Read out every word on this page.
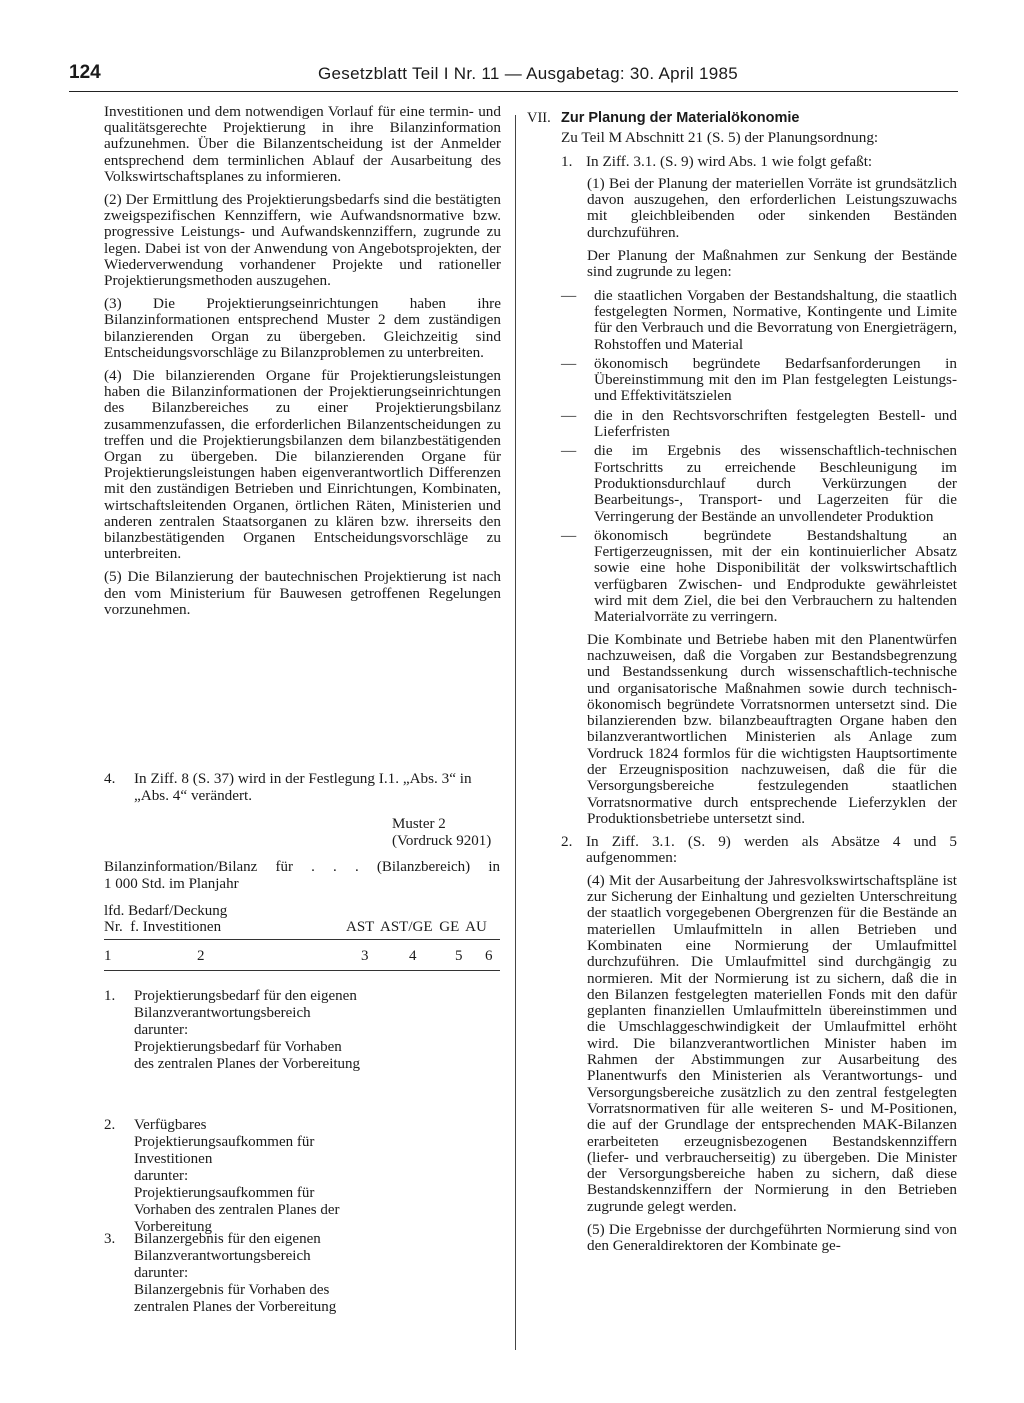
124	Gesetzblatt Teil I Nr. 11 — Ausgabetag: 30. April 1985
Investitionen und dem notwendigen Vorlauf für eine termin- und qualitätsgerechte Projektierung in ihre Bilanzinformation aufzunehmen. Über die Bilanzentscheidung ist der Anmelder entsprechend dem terminlichen Ablauf der Ausarbeitung des Volkswirtschaftsplanes zu informieren.
(2) Der Ermittlung des Projektierungsbedarfs sind die bestätigten zweigspezifischen Kennziffern, wie Aufwandsnormative bzw. progressive Leistungs- und Aufwandskennziffern, zugrunde zu legen. Dabei ist von der Anwendung von Angebotsprojekten, der Wiederverwendung vorhandener Projekte und rationeller Projektierungsmethoden auszugehen.
(3) Die Projektierungseinrichtungen haben ihre Bilanzinformationen entsprechend Muster 2 dem zuständigen bilanzierenden Organ zu übergeben. Gleichzeitig sind Entscheidungsvorschläge zu Bilanzproblemen zu unterbreiten.
(4) Die bilanzierenden Organe für Projektierungsleistungen haben die Bilanzinformationen der Projektierungseinrichtungen des Bilanzbereiches zu einer Projektierungsbilanz zusammenzufassen, die erforderlichen Bilanzentscheidungen zu treffen und die Projektierungsbilanzen dem bilanzbestätigenden Organ zu übergeben. Die bilanzierenden Organe für Projektierungsleistungen haben eigenverantwortlich Differenzen mit den zuständigen Betrieben und Einrichtungen, Kombinaten, wirtschaftsleitenden Organen, örtlichen Räten, Ministerien und anderen zentralen Staatsorganen zu klären bzw. ihrerseits den bilanzbestätigenden Organen Entscheidungsvorschläge zu unterbreiten.
(5) Die Bilanzierung der bautechnischen Projektierung ist nach den vom Ministerium für Bauwesen getroffenen Regelungen vorzunehmen.
4. In Ziff. 8 (S. 37) wird in der Festlegung I.1. „Abs. 3“ in „Abs. 4“ verändert.
Muster 2
(Vordruck 9201)
Bilanzinformation/Bilanz für . . . (Bilanzbereich) in
1 000 Std. im Planjahr
lfd. Bedarf/Deckung
Nr. f. Investitionen	AST AST/GE GE AU
1	2	3	4	5 6
1. Projektierungsbedarf für den eigenen Bilanzverantwortungsbereich
darunter:
Projektierungsbedarf für Vorhaben des zentralen Planes der Vorbereitung
2. Verfügbares Projektierungsaufkommen für Investitionen
darunter:
Projektierungsaufkommen für Vorhaben des zentralen Planes der Vorbereitung
3. Bilanzergebnis für den eigenen Bilanzverantwortungsbereich
darunter:
Bilanzergebnis für Vorhaben des zentralen Planes der Vorbereitung
VII. Zur Planung der Materialökonomie
Zu Teil M Abschnitt 21 (S. 5) der Planungsordnung:
1. In Ziff. 3.1. (S. 9) wird Abs. 1 wie folgt gefaßt:
(1) Bei der Planung der materiellen Vorräte ist grundsätzlich davon auszugehen, den erforderlichen Leistungszuwachs mit gleichbleibenden oder sinkenden Beständen durchzuführen.
Der Planung der Maßnahmen zur Senkung der Bestände sind zugrunde zu legen:
— die staatlichen Vorgaben der Bestandshaltung, die staatlich festgelegten Normen, Normative, Kontingente und Limite für den Verbrauch und die Bevorratung von Energieträgern, Rohstoffen und Material
— ökonomisch begründete Bedarfsanforderungen in Übereinstimmung mit den im Plan festgelegten Leistungs- und Effektivitätszielen
— die in den Rechtsvorschriften festgelegten Bestell- und Lieferfristen
— die im Ergebnis des wissenschaftlich-technischen Fortschritts zu erreichende Beschleunigung im Produktionsdurchlauf durch Verkürzungen der Bearbeitungs-, Transport- und Lagerzeiten für die Verringerung der Bestände an unvollendeter Produktion
— ökonomisch begründete Bestandshaltung an Fertigerzeugnissen, mit der ein kontinuierlicher Absatz sowie eine hohe Disponibilität der volkswirtschaftlich verfügbaren Zwischen- und Endprodukte gewährleistet wird mit dem Ziel, die bei den Verbrauchern zu haltenden Materialvorräte zu verringern.
Die Kombinate und Betriebe haben mit den Planentwürfen nachzuweisen, daß die Vorgaben zur Bestandsbegrenzung und Bestandssenkung durch wissenschaftlich-technische und organisatorische Maßnahmen sowie durch technisch-ökonomisch begründete Vorratsnormen untersetzt sind. Die bilanzierenden bzw. bilanzbeauftragten Organe haben den bilanzverantwortlichen Ministerien als Anlage zum Vordruck 1824 formlos für die wichtigsten Hauptsortimente der Erzeugnisposition nachzuweisen, daß die für die Versorgungsbereiche festzulegenden staatlichen Vorratsnormative durch entsprechende Lieferzyklen der Produktionsbetriebe untersetzt sind.
2. In Ziff. 3.1. (S. 9) werden als Absätze 4 und 5 aufgenommen:
(4) Mit der Ausarbeitung der Jahresvolkswirtschaftspläne ist zur Sicherung der Einhaltung und gezielten Unterschreitung der staatlich vorgegebenen Obergrenzen für die Bestände an materiellen Umlaufmitteln in allen Betrieben und Kombinaten eine Normierung der Umlaufmittel durchzuführen. Die Umlaufmittel sind durchgängig zu normieren. Mit der Normierung ist zu sichern, daß die in den Bilanzen festgelegten materiellen Fonds mit den dafür geplanten finanziellen Umlaufmitteln übereinstimmen und die Umschlaggeschwindigkeit der Umlaufmittel erhöht wird. Die bilanzverantwortlichen Minister haben im Rahmen der Abstimmungen zur Ausarbeitung des Planentwurfs den Ministerien als Verantwortungs- und Versorgungsbereiche zusätzlich zu den zentral festgelegten Vorratsnormativen für alle weiteren S- und M-Positionen, die auf der Grundlage der entsprechenden MAK-Bilanzen erarbeiteten erzeugnisbezogenen Bestandskennziffern (liefer- und verbraucherseitig) zu übergeben. Die Minister der Versorgungsbereiche haben zu sichern, daß diese Bestandskennziffern der Normierung in den Betrieben zugrunde gelegt werden.
(5) Die Ergebnisse der durchgeführten Normierung sind von den Generaldirektoren der Kombinate ge-
